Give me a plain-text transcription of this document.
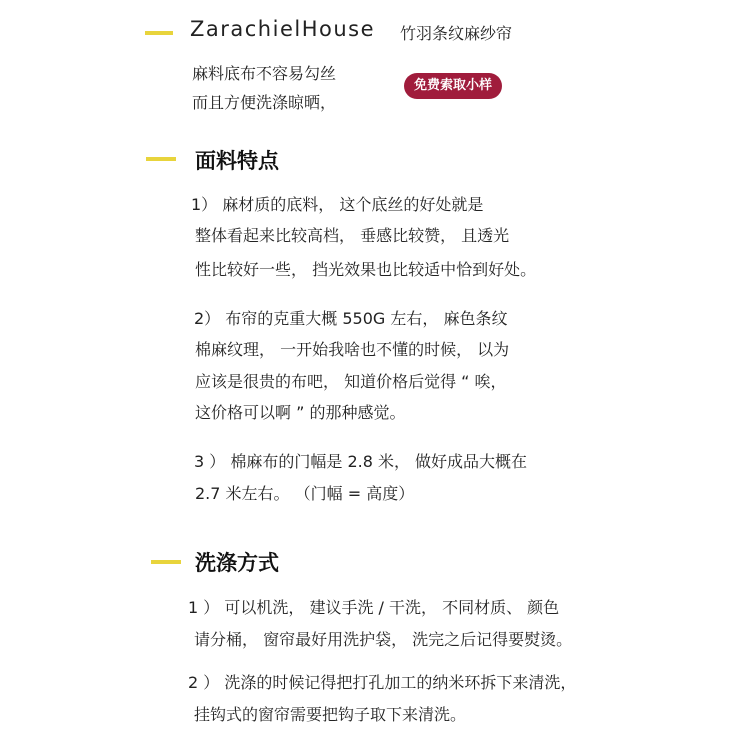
ZarachielHouse 竹羽条纹麻纱帘
麻料底布不容易勾丝
而且方便洗涤晾晒，
免费索取小样
面料特点
1） 麻材质的底料， 这个底丝的好处就是
整体看起来比较高档， 垂感比较赞， 且透光
性比较好一些， 挡光效果也比较适中恰到好处。
2） 布帘的克重大概 550G 左右， 麻色条纹
棉麻纹理， 一开始我啥也不懂的时候， 以为
应该是很贵的布吧， 知道价格后觉得 “ 唉，
这价格可以啊 ” 的那种感觉。
3 ） 棉麻布的门幅是 2.8 米， 做好成品大概在
2.7 米左右。 （门幅 = 高度）
洗涤方式
1 ） 可以机洗， 建议手洗 / 干洗， 不同材质、 颜色
请分桶， 窗帘最好用洗护袋， 洗完之后记得要熨烫。
2 ） 洗涤的时候记得把打孔加工的纳米环拆下来清洗，
挂钩式的窗帘需要把钩子取下来清洗。
